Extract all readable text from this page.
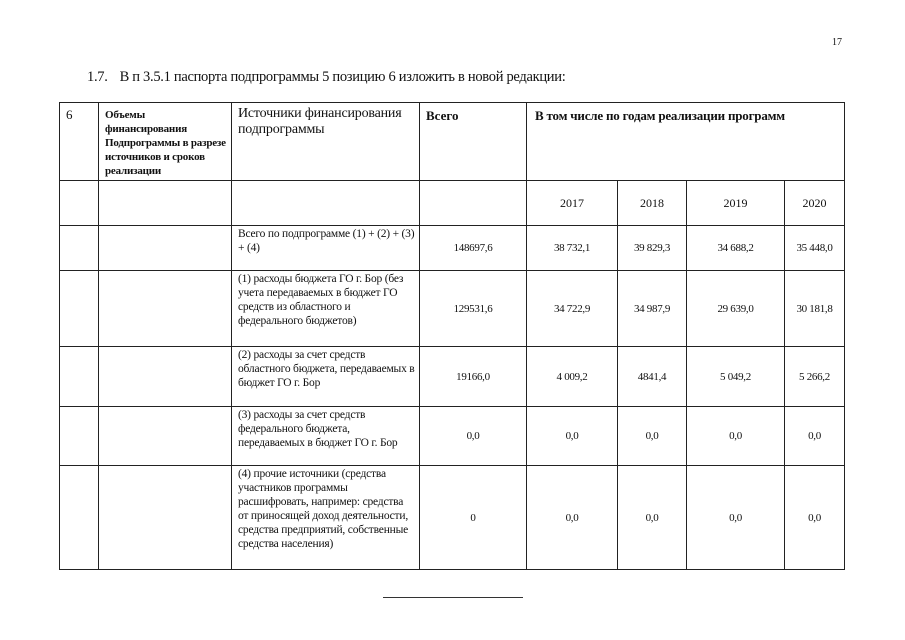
17
1.7. В п 3.5.1 паспорта подпрограммы 5 позицию 6 изложить в новой редакции:
6	Объемы финансирования Подпрограммы в разрезе источников и сроков реализации	Источники финансирования подпрограммы	Всего	В том числе по годам реализации программ			
				2017	2018	2019	2020
		Всего по подпрограмме (1) + (2) + (3) + (4)	148697,6	38 732,1	39 829,3	34 688,2	35 448,0
		(1) расходы бюджета ГО г. Бор (без учета передаваемых в бюджет ГО средств из областного и федерального бюджетов)	129531,6	34 722,9	34 987,9	29 639,0	30 181,8
		(2) расходы за счет средств областного бюджета, передаваемых в бюджет ГО г. Бор	19166,0	4 009,2	4841,4	5 049,2	5 266,2
		(3) расходы за счет средств федерального бюджета, передаваемых в бюджет ГО г. Бор	0,0	0,0	0,0	0,0	0,0
		(4) прочие источники (средства участников программы расшифровать, например: средства от приносящей доход деятельности, средства предприятий, собственные средства населения)	0	0,0	0,0	0,0	0,0
